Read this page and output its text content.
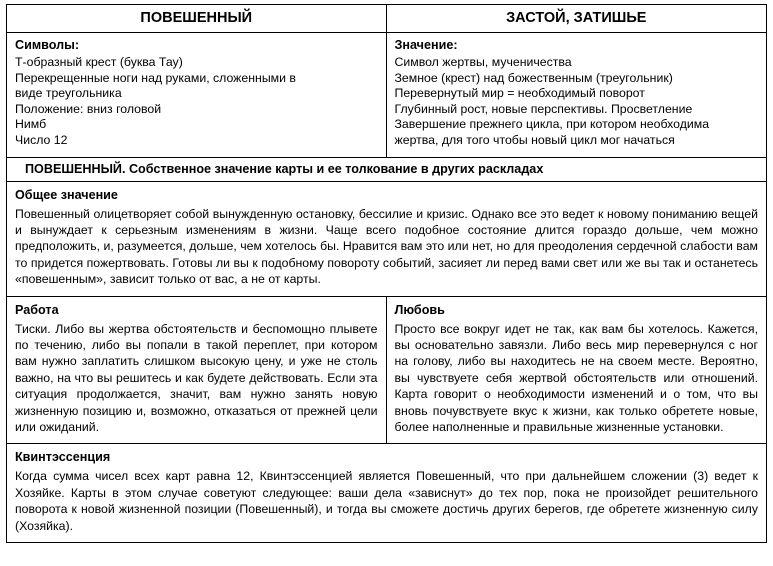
ПОВЕШЕННЫЙ	ЗАСТОЙ, ЗАТИШЬЕ
Символы:
Т-образный крест (буква Тау)
Перекрещенные ноги над руками, сложенными в
виде треугольника
Положение: вниз головой
Нимб
Число 12
Значение:
Символ жертвы, мученичества
Земное (крест) над божественным (треугольник)
Перевернутый мир = необходимый поворот
Глубинный рост, новые перспективы. Просветление
Завершение прежнего цикла, при котором необходима
жертва, для того чтобы новый цикл мог начаться
ПОВЕШЕННЫЙ. Собственное значение карты и ее толкование в других раскладах
Общее значение
Повешенный олицетворяет собой вынужденную остановку, бессилие и кризис. Однако все это ведет к новому пониманию вещей и вынуждает к серьезным изменениям в жизни. Чаще всего подобное состояние длится гораздо дольше, чем можно предположить, и, разумеется, дольше, чем хотелось бы. Нравится вам это или нет, но для преодоления сердечной слабости вам то придется пожертвовать. Готовы ли вы к подобному повороту событий, засияет ли перед вами свет или же вы так и останетесь «повешенным», зависит только от вас, а не от карты.
Работа
Тиски. Либо вы жертва обстоятельств и беспомощно плывете по течению, либо вы попали в такой переплет, при котором вам нужно заплатить слишком высокую цену, и уже не столь важно, на что вы решитесь и как будете действовать. Если эта ситуация продолжается, значит, вам нужно занять новую жизненную позицию и, возможно, отказаться от прежней цели или ожиданий.
Любовь
Просто все вокруг идет не так, как вам бы хотелось. Кажется, вы основательно завязли. Либо весь мир перевернулся с ног на голову, либо вы находитесь не на своем месте. Вероятно, вы чувствуете себя жертвой обстоятельств или отношений. Карта говорит о необходимости изменений и о том, что вы вновь почувствуете вкус к жизни, как только обретете новые, более наполненные и правильные жизненные установки.
Квинтэссенция
Когда сумма чисел всех карт равна 12, Квинтэссенцией является Повешенный, что при дальнейшем сложении (3) ведет к Хозяйке. Карты в этом случае советуют следующее: ваши дела «зависнут» до тех пор, пока не произойдет решительного поворота к новой жизненной позиции (Повешенный), и тогда вы сможете достичь других берегов, где обретете жизненную силу (Хозяйка).
